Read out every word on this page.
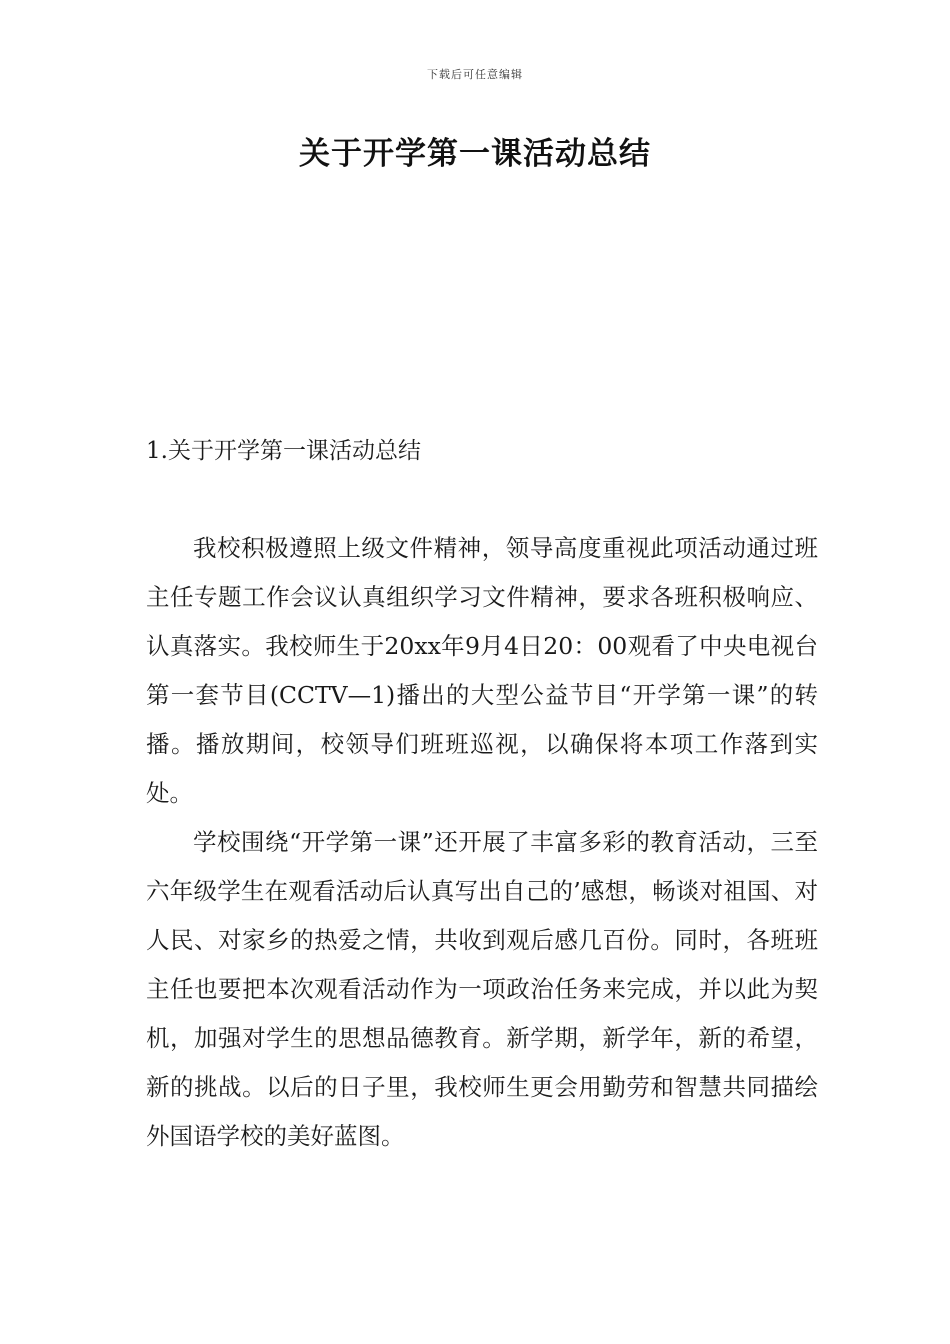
下载后可任意编辑
关于开学第一课活动总结
1.关于开学第一课活动总结

我校积极遵照上级文件精神，领导高度重视此项活动通过班主任专题工作会议认真组织学习文件精神，要求各班积极响应、认真落实。我校师生于20xx年9月4日20：00观看了中央电视台第一套节目(CCTV—1)播出的大型公益节目“开学第一课”的转播。播放期间，校领导们班班巡视，以确保将本项工作落到实处。

学校围绕“开学第一课”还开展了丰富多彩的教育活动，三至六年级学生在观看活动后认真写出自己的’感想，畅谈对祖国、对人民、对家乡的热爱之情，共收到观后感几百份。同时，各班班主任也要把本次观看活动作为一项政治任务来完成，并以此为契机，加强对学生的思想品德教育。新学期，新学年，新的希望，新的挑战。以后的日子里，我校师生更会用勤劳和智慧共同描绘外国语学校的美好蓝图。
